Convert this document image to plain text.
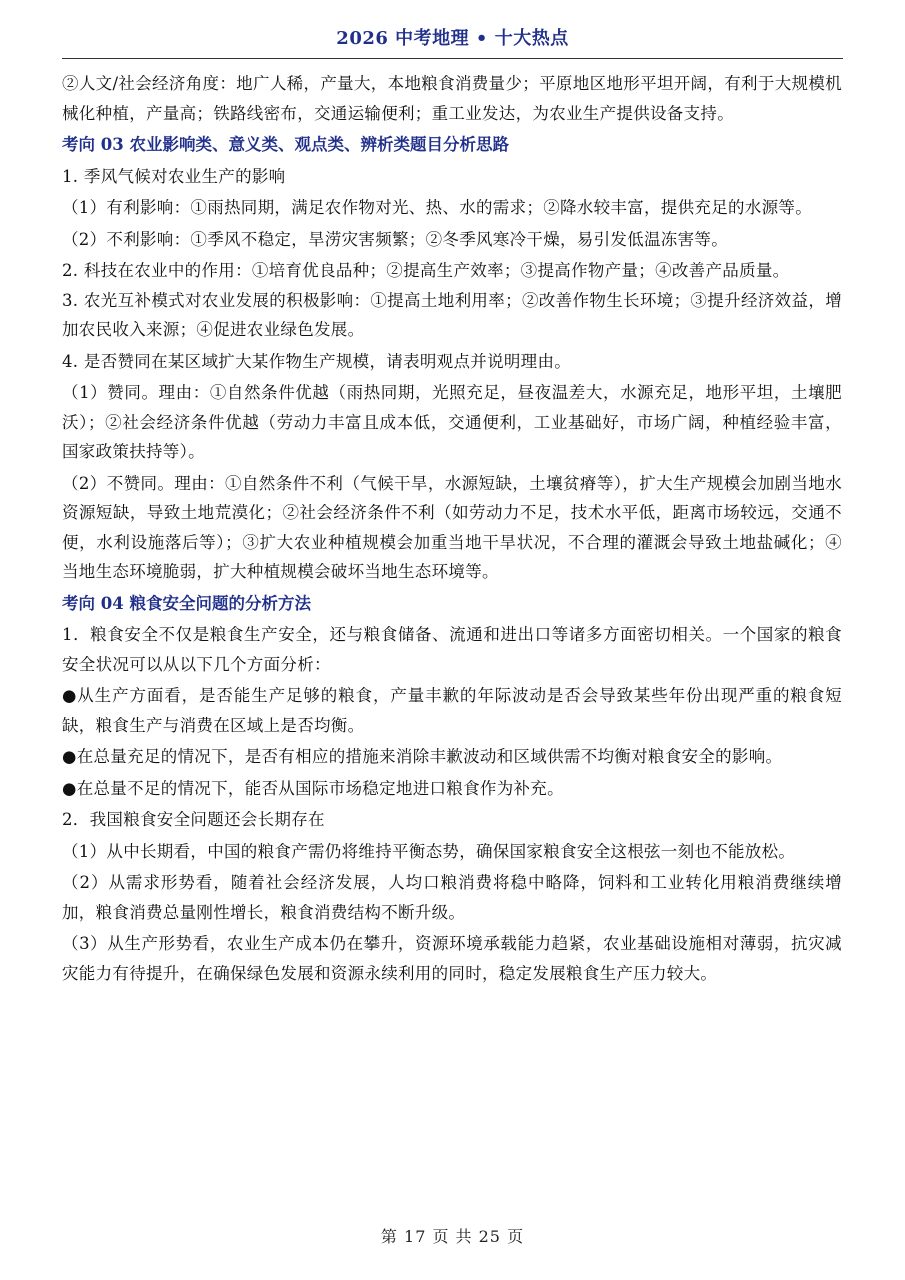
2026 中考地理 • 十大热点

②人文/社会经济角度：地广人稀，产量大，本地粮食消费量少；平原地区地形平坦开阔，有利于大规模机械化种植，产量高；铁路线密布，交通运输便利；重工业发达，为农业生产提供设备支持。

考向 03 农业影响类、意义类、观点类、辨析类题目分析思路

1. 季风气候对农业生产的影响

（1）有利影响：①雨热同期，满足农作物对光、热、水的需求；②降水较丰富，提供充足的水源等。

（2）不利影响：①季风不稳定，旱涝灾害频繁；②冬季风寒冷干燥，易引发低温冻害等。

2. 科技在农业中的作用：①培育优良品种；②提高生产效率；③提高作物产量；④改善产品质量。

3. 农光互补模式对农业发展的积极影响：①提高土地利用率；②改善作物生长环境；③提升经济效益，增加农民收入来源；④促进农业绿色发展。

4. 是否赞同在某区域扩大某作物生产规模，请表明观点并说明理由。

（1）赞同。理由：①自然条件优越（雨热同期，光照充足，昼夜温差大，水源充足，地形平坦，土壤肥沃）；②社会经济条件优越（劳动力丰富且成本低，交通便利，工业基础好，市场广阔，种植经验丰富，国家政策扶持等）。

（2）不赞同。理由：①自然条件不利（气候干旱，水源短缺，土壤贫瘠等），扩大生产规模会加剧当地水资源短缺，导致土地荒漠化；②社会经济条件不利（如劳动力不足，技术水平低，距离市场较远，交通不便，水利设施落后等）；③扩大农业种植规模会加重当地干旱状况，不合理的灌溉会导致土地盐碱化；④当地生态环境脆弱，扩大种植规模会破坏当地生态环境等。

考向 04 粮食安全问题的分析方法

1．粮食安全不仅是粮食生产安全，还与粮食储备、流通和进出口等诸多方面密切相关。一个国家的粮食安全状况可以从以下几个方面分析：

●从生产方面看，是否能生产足够的粮食，产量丰歉的年际波动是否会导致某些年份出现严重的粮食短缺，粮食生产与消费在区域上是否均衡。

●在总量充足的情况下，是否有相应的措施来消除丰歉波动和区域供需不均衡对粮食安全的影响。

●在总量不足的情况下，能否从国际市场稳定地进口粮食作为补充。

2．我国粮食安全问题还会长期存在

（1）从中长期看，中国的粮食产需仍将维持平衡态势，确保国家粮食安全这根弦一刻也不能放松。

（2）从需求形势看，随着社会经济发展，人均口粮消费将稳中略降，饲料和工业转化用粮消费继续增加，粮食消费总量刚性增长，粮食消费结构不断升级。

（3）从生产形势看，农业生产成本仍在攀升，资源环境承载能力趋紧，农业基础设施相对薄弱，抗灾减灾能力有待提升，在确保绿色发展和资源永续利用的同时，稳定发展粮食生产压力较大。

第 17 页 共 25 页
